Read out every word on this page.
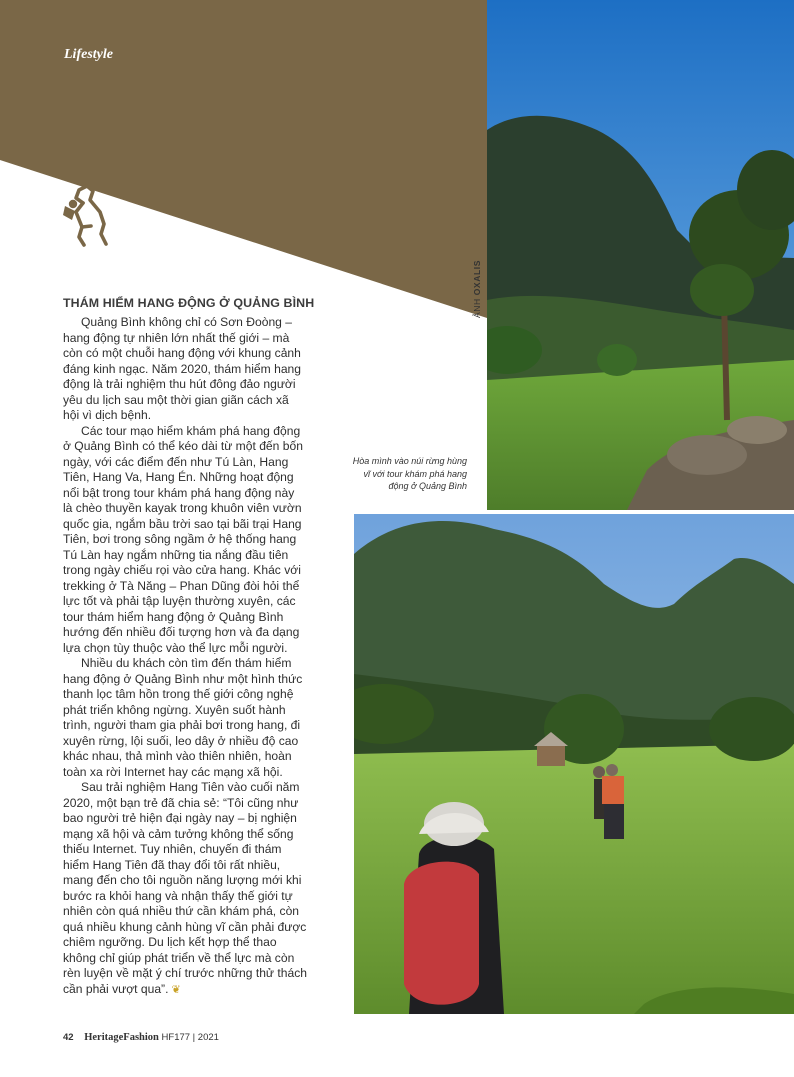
Lifestyle
THÁM HIỂM HANG ĐỘNG Ở QUẢNG BÌNH

Quảng Bình không chỉ có Sơn Đoòng – hang động tự nhiên lớn nhất thế giới – mà còn có một chuỗi hang động với khung cảnh đáng kinh ngạc. Năm 2020, thám hiểm hang động là trải nghiệm thu hút đông đảo người yêu du lịch sau một thời gian giãn cách xã hội vì dịch bệnh.

Các tour mạo hiểm khám phá hang động ở Quảng Bình có thể kéo dài từ một đến bốn ngày, với các điểm đến như Tú Làn, Hang Tiên, Hang Va, Hang Én. Những hoạt động nổi bật trong tour khám phá hang động này là chèo thuyền kayak trong khuôn viên vườn quốc gia, ngắm bầu trời sao tại bãi trại Hang Tiên, bơi trong sông ngầm ở hệ thống hang Tú Làn hay ngắm những tia nắng đầu tiên trong ngày chiếu rọi vào cửa hang. Khác với trekking ở Tà Năng – Phan Dũng đòi hỏi thể lực tốt và phải tập luyện thường xuyên, các tour thám hiểm hang động ở Quảng Bình hướng đến nhiều đối tượng hơn và đa dạng lựa chọn tùy thuộc vào thể lực mỗi người.

Nhiều du khách còn tìm đến thám hiểm hang động ở Quảng Bình như một hình thức thanh lọc tâm hồn trong thế giới công nghệ phát triển không ngừng. Xuyên suốt hành trình, người tham gia phải bơi trong hang, đi xuyên rừng, lội suối, leo dây ở nhiều độ cao khác nhau, thả mình vào thiên nhiên, hoàn toàn xa rời Internet hay các mạng xã hội.

Sau trải nghiệm Hang Tiên vào cuối năm 2020, một bạn trẻ đã chia sẻ: “Tôi cũng như bao người trẻ hiện đại ngày nay – bị nghiện mạng xã hội và cảm tưởng không thể sống thiếu Internet. Tuy nhiên, chuyến đi thám hiểm Hang Tiên đã thay đổi tôi rất nhiều, mang đến cho tôi nguồn năng lượng mới khi bước ra khỏi hang và nhận thấy thế giới tự nhiên còn quá nhiều thứ cần khám phá, còn quá nhiều khung cảnh hùng vĩ cần phải được chiêm ngưỡng. Du lịch kết hợp thể thao không chỉ giúp phát triển về thể lực mà còn rèn luyện về mặt ý chí trước những thử thách cần phải vượt qua”. ❦

ẢNH OXALIS
Hòa mình vào núi rừng hùng vĩ với tour khám phá hang động ở Quảng Bình
42 HeritageFashion HF177 | 2021
